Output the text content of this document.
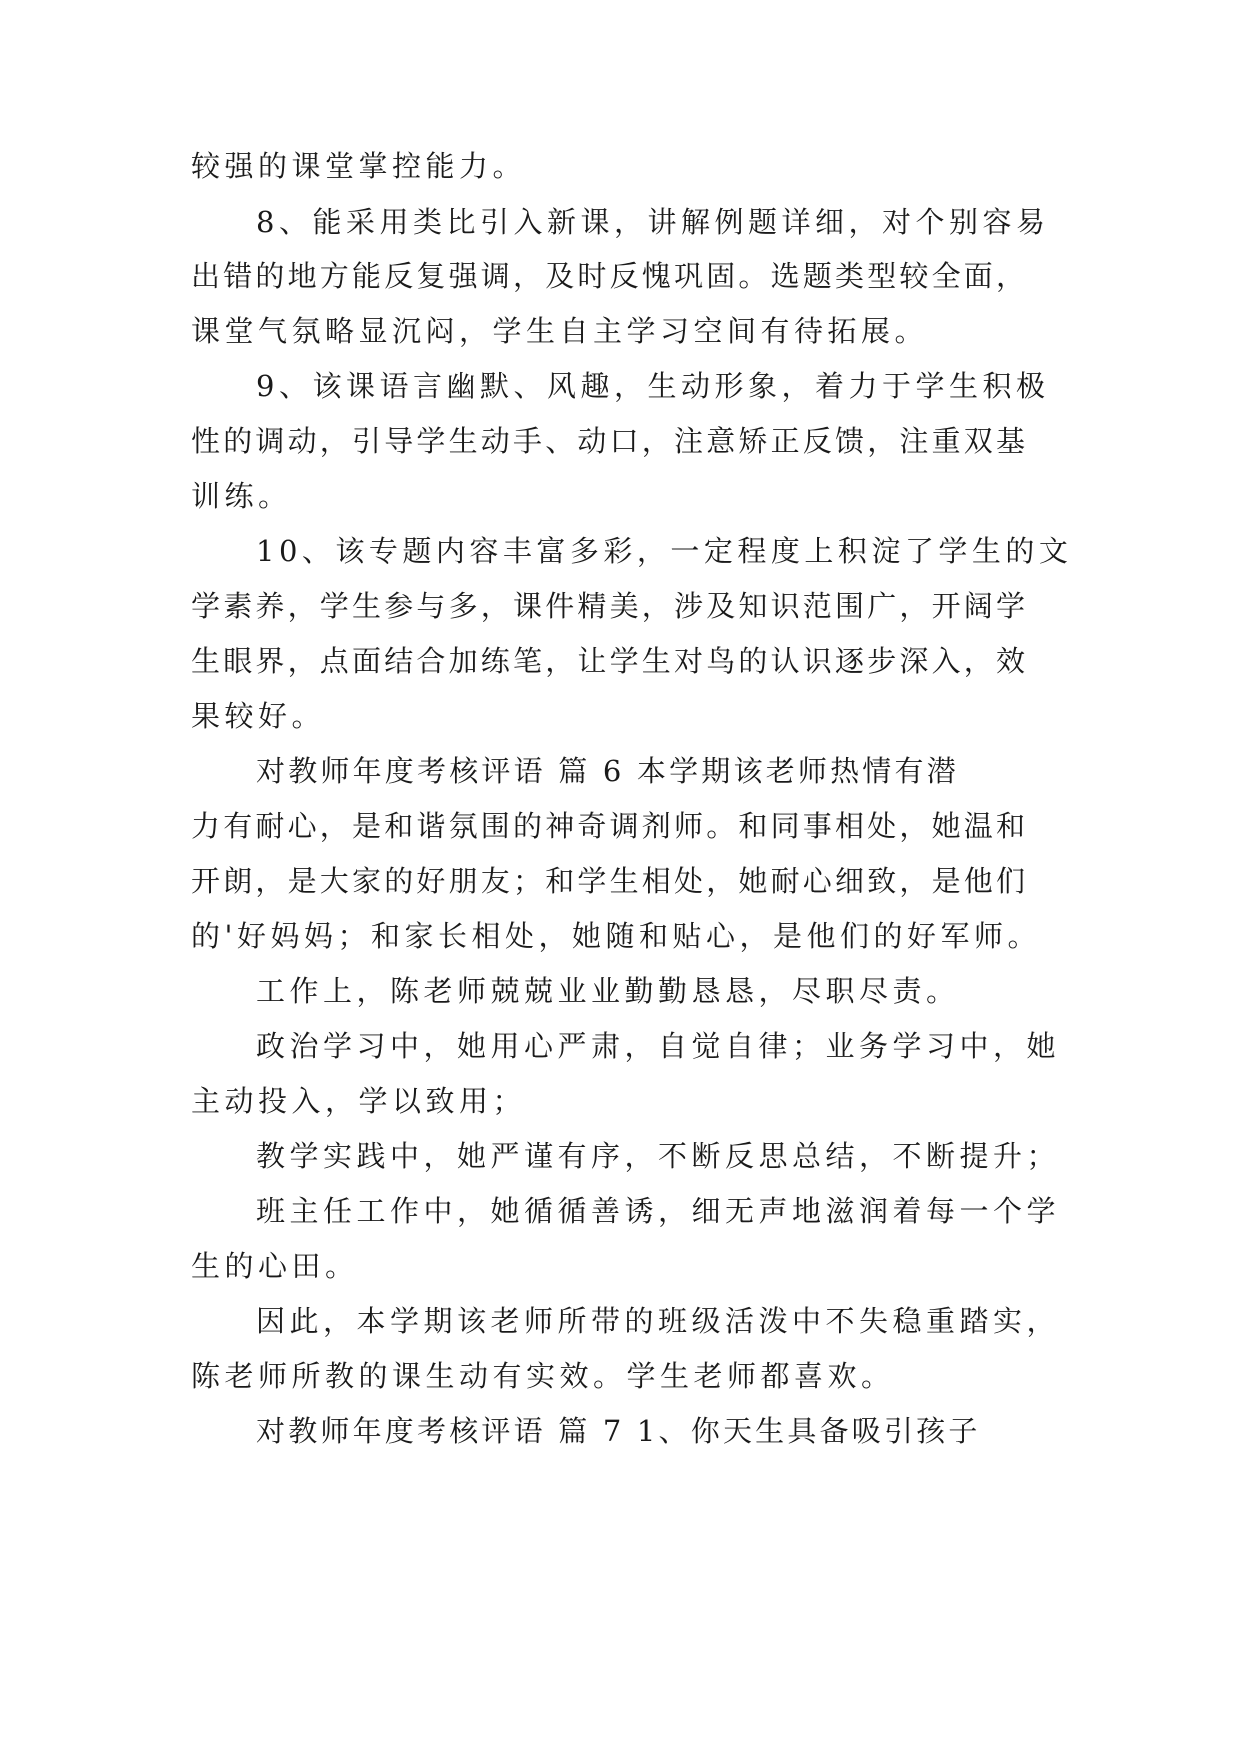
较强的课堂掌控能力。
8、能采用类比引入新课，讲解例题详细，对个别容易
出错的地方能反复强调，及时反愧巩固。选题类型较全面，
课堂气氛略显沉闷，学生自主学习空间有待拓展。
9、该课语言幽默、风趣，生动形象，着力于学生积极
性的调动，引导学生动手、动口，注意矫正反馈，注重双基
训练。
10、该专题内容丰富多彩，一定程度上积淀了学生的文
学素养，学生参与多，课件精美，涉及知识范围广，开阔学
生眼界，点面结合加练笔，让学生对鸟的认识逐步深入，效
果较好。
对教师年度考核评语 篇 6 本学期该老师热情有潜
力有耐心，是和谐氛围的神奇调剂师。和同事相处，她温和
开朗，是大家的好朋友；和学生相处，她耐心细致，是他们
的'好妈妈；和家长相处，她随和贴心，是他们的好军师。
工作上，陈老师兢兢业业勤勤恳恳，尽职尽责。
政治学习中，她用心严肃，自觉自律；业务学习中，她
主动投入，学以致用；
教学实践中，她严谨有序，不断反思总结，不断提升；
班主任工作中，她循循善诱，细无声地滋润着每一个学
生的心田。
因此，本学期该老师所带的班级活泼中不失稳重踏实，
陈老师所教的课生动有实效。学生老师都喜欢。
对教师年度考核评语 篇 7 1、你天生具备吸引孩子
